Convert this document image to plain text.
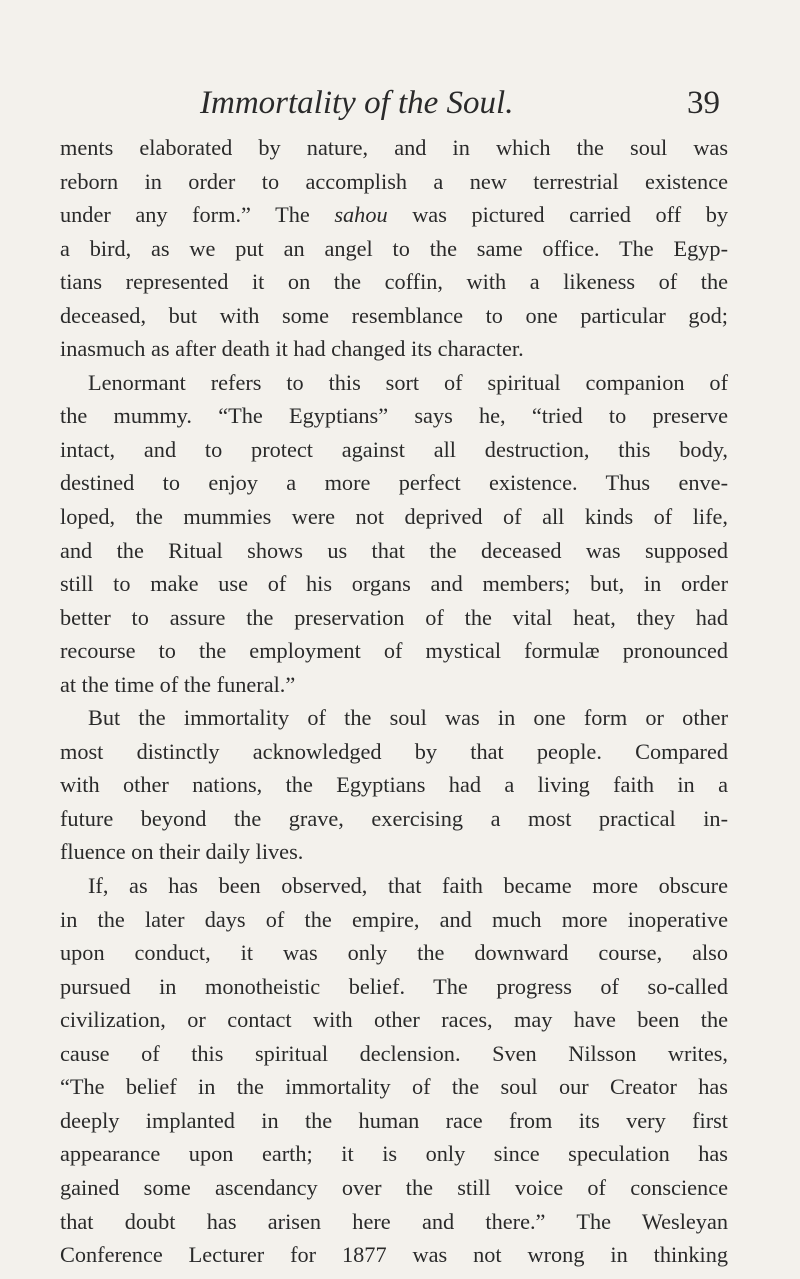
Immortality of the Soul.	39
ments elaborated by nature, and in which the soul was
reborn in order to accomplish a new terrestrial existence
under any form.” The sahou was pictured carried off by
a bird, as we put an angel to the same office. The Egyp-
tians represented it on the coffin, with a likeness of the
deceased, but with some resemblance to one particular god;
inasmuch as after death it had changed its character.
Lenormant refers to this sort of spiritual companion of
the mummy. “The Egyptians” says he, “tried to preserve
intact, and to protect against all destruction, this body,
destined to enjoy a more perfect existence. Thus enve-
loped, the mummies were not deprived of all kinds of life,
and the Ritual shows us that the deceased was supposed
still to make use of his organs and members; but, in order
better to assure the preservation of the vital heat, they had
recourse to the employment of mystical formulæ pronounced
at the time of the funeral.”
But the immortality of the soul was in one form or other
most distinctly acknowledged by that people. Compared
with other nations, the Egyptians had a living faith in a
future beyond the grave, exercising a most practical in-
fluence on their daily lives.
If, as has been observed, that faith became more obscure
in the later days of the empire, and much more inoperative
upon conduct, it was only the downward course, also
pursued in monotheistic belief. The progress of so-called
civilization, or contact with other races, may have been the
cause of this spiritual declension. Sven Nilsson writes,
“The belief in the immortality of the soul our Creator has
deeply implanted in the human race from its very first
appearance upon earth; it is only since speculation has
gained some ascendancy over the still voice of conscience
that doubt has arisen here and there.” The Wesleyan
Conference Lecturer for 1877 was not wrong in thinking
